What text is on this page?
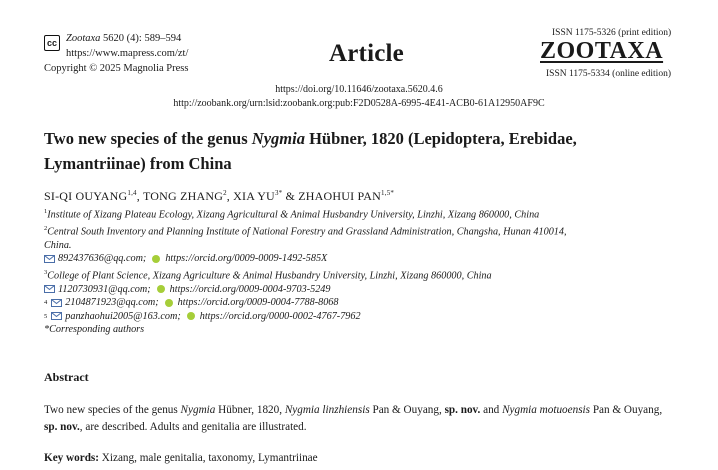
cc Zootaxa 5620 (4): 589–594
https://www.mapress.com/zt/
Copyright © 2025 Magnolia Press
Article
ISSN 1175-5326 (print edition)
ZOOTAXA
ISSN 1175-5334 (online edition)
https://doi.org/10.11646/zootaxa.5620.4.6
http://zoobank.org/urn:lsid:zoobank.org:pub:F2D0528A-6995-4E41-ACB0-61A12950AF9C
Two new species of the genus Nygmia Hübner, 1820 (Lepidoptera, Erebidae,
Lymantriinae) from China
SI-QI OUYANG$^{1,4}$, TONG ZHANG$^2$, XIA $YU^{3*}$ & ZHAOHUI $PAN^{1,5*}$
$^1$Institute of Xizang Plateau Ecology, Xizang Agricultural & Animal Husbandry University, Linzhi, Xizang 860000, China
$^2$Central South Inventory and Planning Institute of National Forestry and Grassland Administration, Changsha, Hunan 410014,
China.
892437636@qq.com; https://orcid.org/0009-0009-1492-585X
$^3$College of Plant Science, Xizang Agriculture & Animal Husbandry University, Linzhi, Xizang 860000, China
1120730931@qq.com; https://orcid.org/0009-0004-9703-5249
4 2104871923@qq.com; https://orcid.org/0009-0004-7788-8068
5 panzhaohui2005@163.com; https://orcid.org/0000-0002-4767-7962
*Corresponding authors
Abstract
Two new species of the genus Nygmia Hübner, 1820, Nygmia linzhiensis Pan & Ouyang, sp. nov. and Nygmia motuoensis Pan & Ouyang, sp. nov., are described. Adults and genitalia are illustrated.
Key words: Xizang, male genitalia, taxonomy, Lymantriinae
